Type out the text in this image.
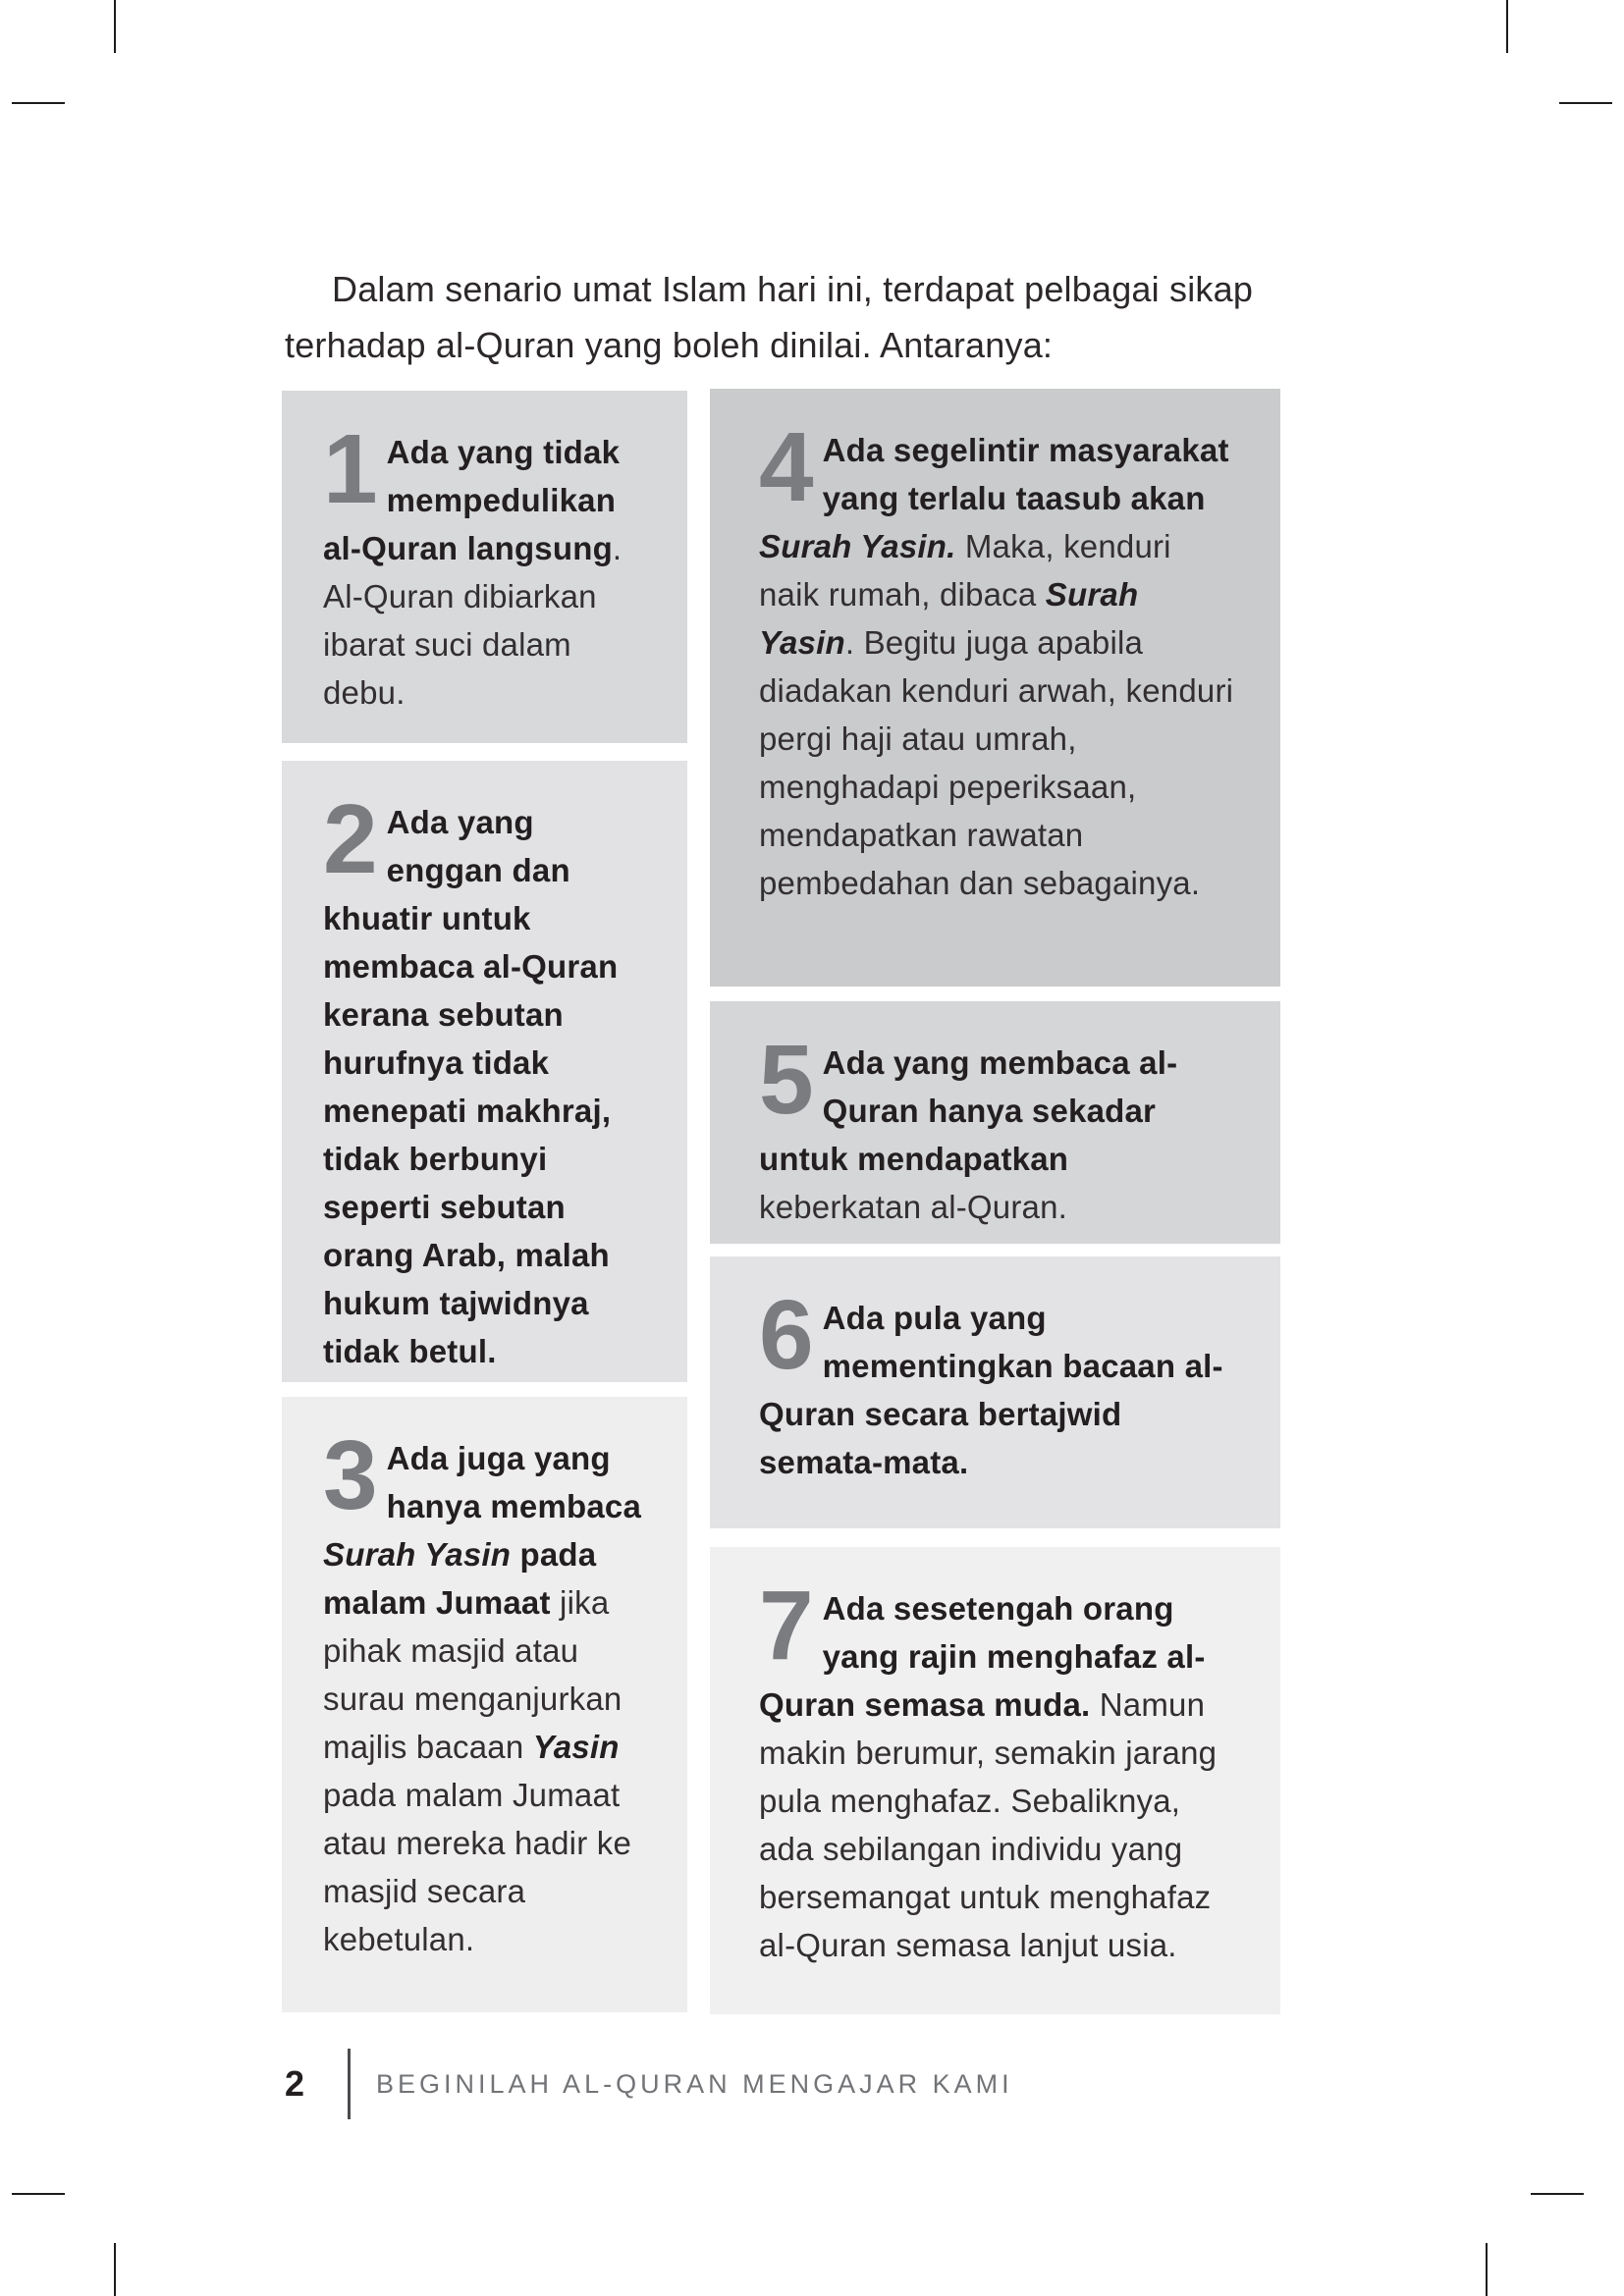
Dalam senario umat Islam hari ini, terdapat pelbagai sikap
terhadap al-Quran yang boleh dinilai. Antaranya:

1 Ada yang tidak mempedulikan al-Quran langsung. Al-Quran dibiarkan ibarat suci dalam debu.

2 Ada yang enggan dan khuatir untuk membaca al-Quran kerana sebutan hurufnya tidak menepati makhraj, tidak berbunyi seperti sebutan orang Arab, malah hukum tajwidnya tidak betul.

3 Ada juga yang hanya membaca Surah Yasin pada malam Jumaat jika pihak masjid atau surau menganjurkan majlis bacaan Yasin pada malam Jumaat atau mereka hadir ke masjid secara kebetulan.

4 Ada segelintir masyarakat yang terlalu taasub akan Surah Yasin. Maka, kenduri naik rumah, dibaca Surah Yasin. Begitu juga apabila diadakan kenduri arwah, kenduri pergi haji atau umrah, menghadapi peperiksaan, mendapatkan rawatan pembedahan dan sebagainya.

5 Ada yang membaca al-Quran hanya sekadar untuk mendapatkan keberkatan al-Quran.

6 Ada pula yang mementingkan bacaan al-Quran secara bertajwid semata-mata.

7 Ada sesetengah orang yang rajin menghafaz al-Quran semasa muda. Namun makin berumur, semakin jarang pula menghafaz. Sebaliknya, ada sebilangan individu yang bersemangat untuk menghafaz al-Quran semasa lanjut usia.

2	BEGINILAH AL-QURAN MENGAJAR KAMI
